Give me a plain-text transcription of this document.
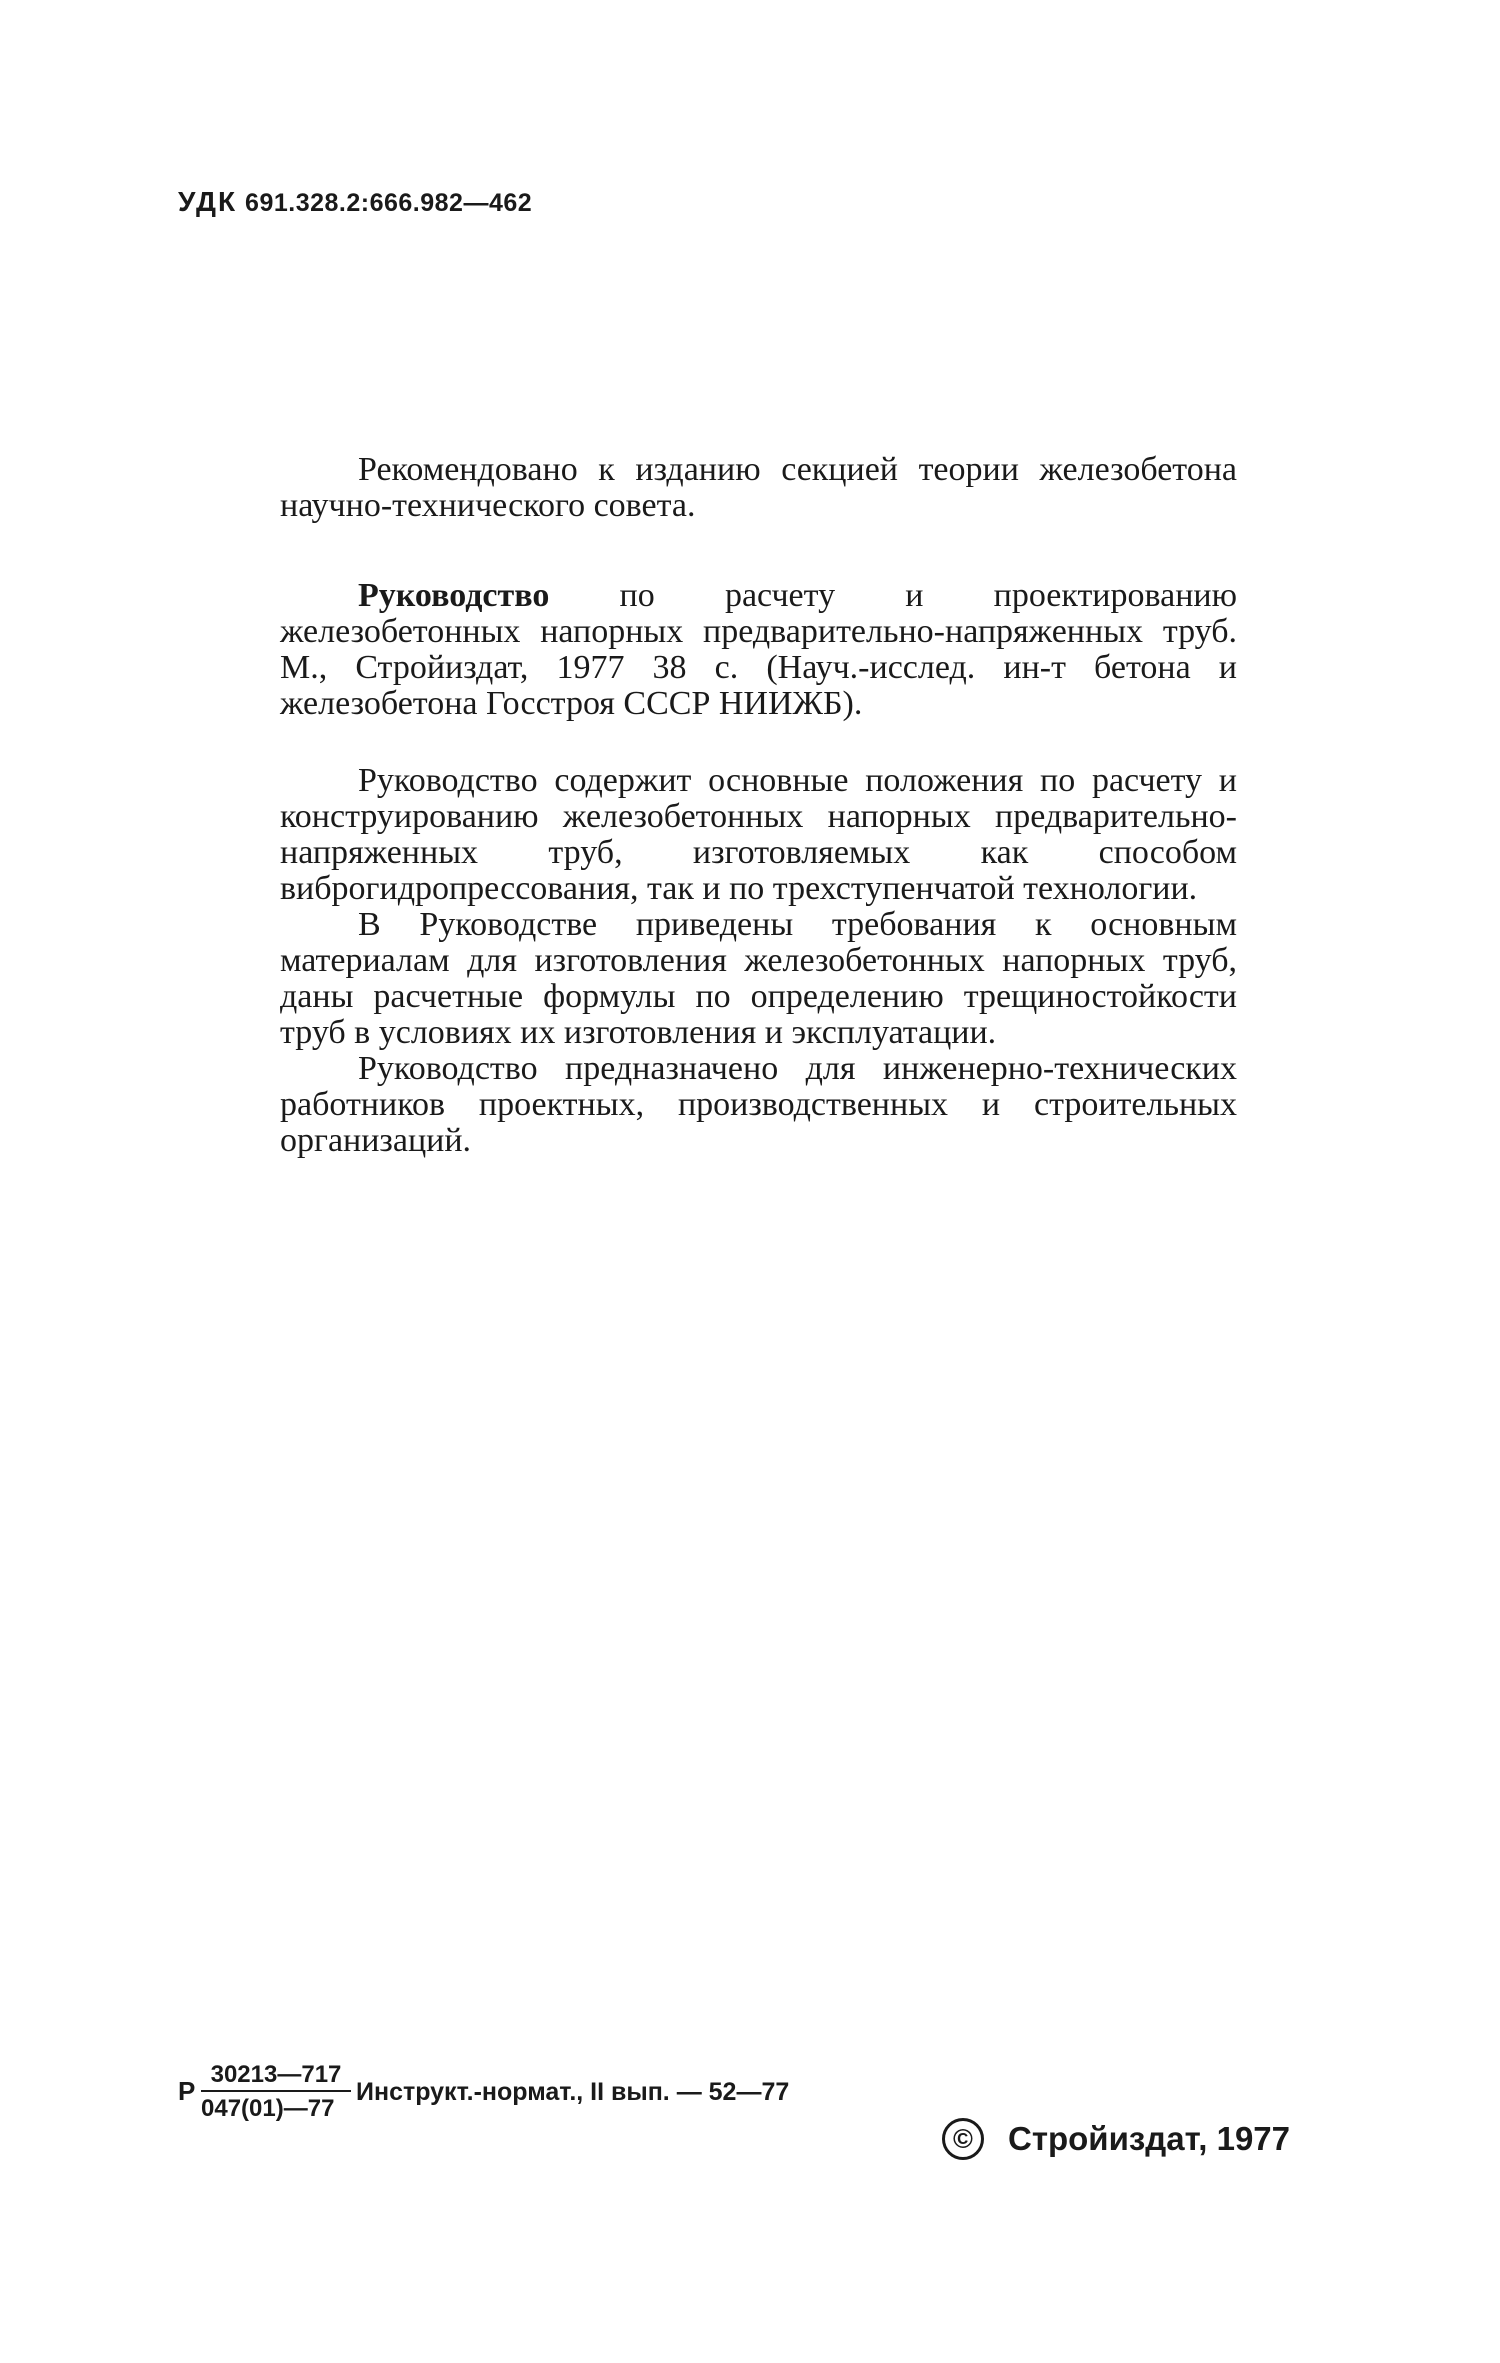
УДК 691.328.2:666.982—462

Рекомендовано к изданию секцией теории железобетона научно-технического совета.

Руководство по расчету и проектированию железобетонных напорных предварительно-напряженных труб. М., Стройиздат, 1977 38 с. (Науч.-исслед. ин-т бетона и железобетона Госстроя СССР НИИЖБ).

Руководство содержит основные положения по расчету и конструированию железобетонных напорных предварительно-напряженных труб, изготовляемых как способом виброгидропрессования, так и по трехступенчатой технологии.

В Руководстве приведены требования к основным материалам для изготовления железобетонных напорных труб, даны расчетные формулы по определению трещиностойкости труб в условиях их изготовления и эксплуатации.

Руководство предназначено для инженерно-технических работников проектных, производственных и строительных организаций.

Р $\frac{30213—717}{047(01)—77}$ Инструкт.-нормат., II вып. — 52—77
©	Стройиздат, 1977
